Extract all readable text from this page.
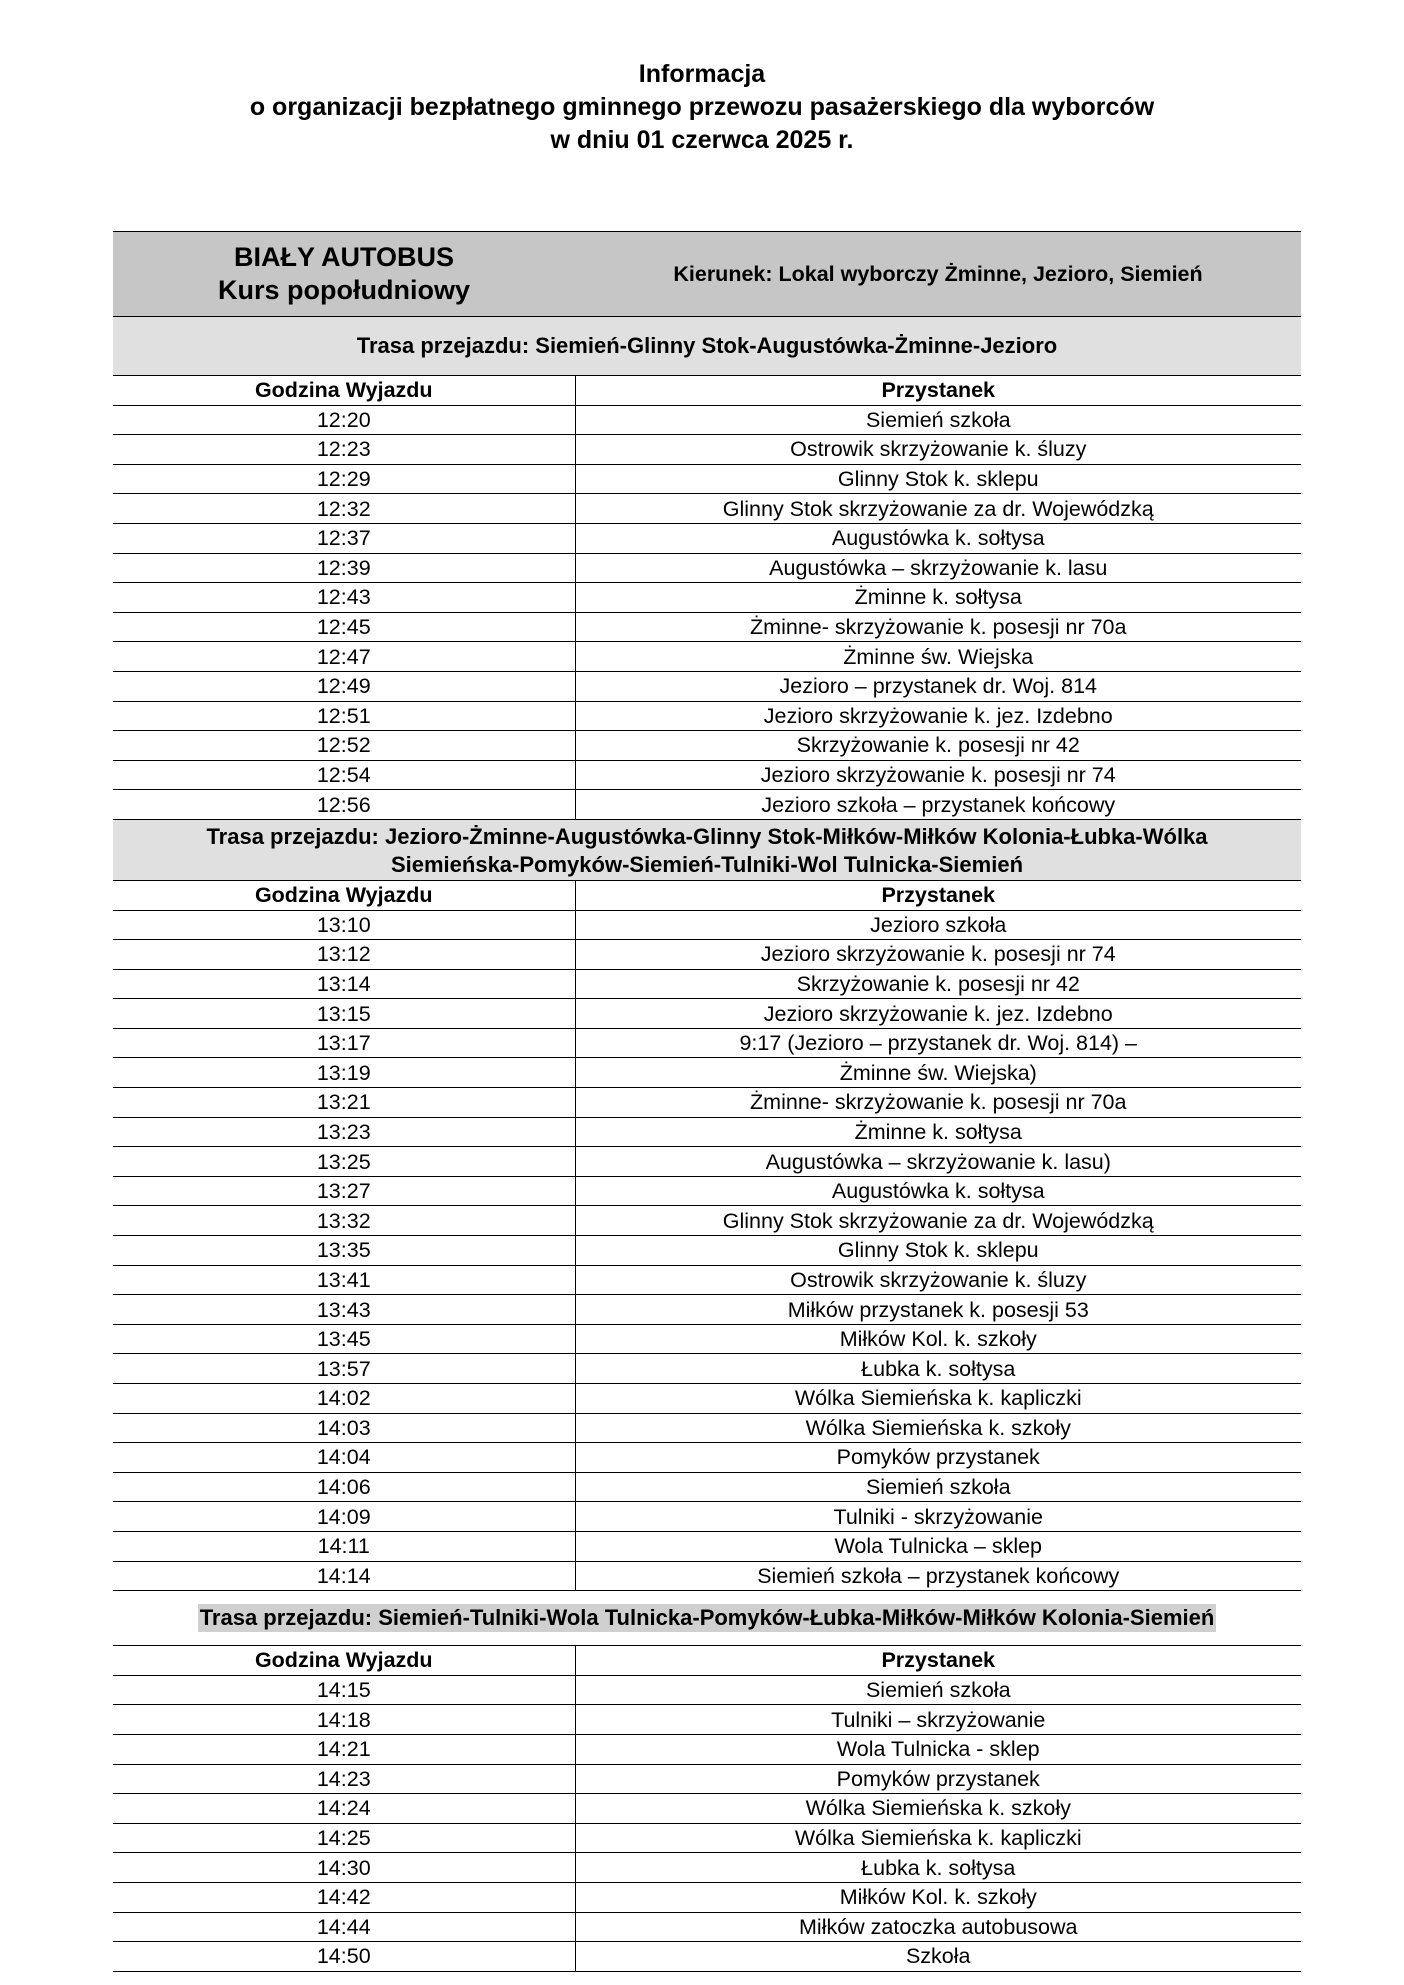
Informacja
o organizacji bezpłatnego gminnego przewozu pasażerskiego dla wyborców
w dniu 01 czerwca 2025 r.
BIAŁY AUTOBUS
Kurs popołudniowy
Kierunek: Lokal wyborczy Żminne, Jezioro, Siemień
Trasa przejazdu: Siemień-Glinny Stok-Augustówka-Żminne-Jezioro
Godzina Wyjazdu	Przystanek
12:20	Siemień szkoła
12:23	Ostrowik skrzyżowanie k. śluzy
12:29	Glinny Stok k. sklepu
12:32	Glinny Stok skrzyżowanie za dr. Wojewódzką
12:37	Augustówka k. sołtysa
12:39	Augustówka – skrzyżowanie k. lasu
12:43	Żminne k. sołtysa
12:45	Żminne- skrzyżowanie k. posesji nr 70a
12:47	Żminne św. Wiejska
12:49	Jezioro – przystanek dr. Woj. 814
12:51	Jezioro skrzyżowanie k. jez. Izdebno
12:52	Skrzyżowanie k. posesji nr 42
12:54	Jezioro skrzyżowanie k. posesji nr 74
12:56	Jezioro szkoła – przystanek końcowy
Trasa przejazdu: Jezioro-Żminne-Augustówka-Glinny Stok-Miłków-Miłków Kolonia-Łubka-Wólka
Siemieńska-Pomyków-Siemień-Tulniki-Wol Tulnicka-Siemień
Godzina Wyjazdu	Przystanek
13:10	Jezioro szkoła
13:12	Jezioro skrzyżowanie k. posesji nr 74
13:14	Skrzyżowanie k. posesji nr 42
13:15	Jezioro skrzyżowanie k. jez. Izdebno
13:17	9:17 (Jezioro – przystanek dr. Woj. 814) –
13:19	Żminne św. Wiejska)
13:21	Żminne- skrzyżowanie k. posesji nr 70a
13:23	Żminne k. sołtysa
13:25	Augustówka – skrzyżowanie k. lasu)
13:27	Augustówka k. sołtysa
13:32	Glinny Stok skrzyżowanie za dr. Wojewódzką
13:35	Glinny Stok k. sklepu
13:41	Ostrowik skrzyżowanie k. śluzy
13:43	Miłków przystanek k. posesji 53
13:45	Miłków Kol. k. szkoły
13:57	Łubka k. sołtysa
14:02	Wólka Siemieńska k. kapliczki
14:03	Wólka Siemieńska k. szkoły
14:04	Pomyków przystanek
14:06	Siemień szkoła
14:09	Tulniki - skrzyżowanie
14:11	Wola Tulnicka – sklep
14:14	Siemień szkoła – przystanek końcowy
Trasa przejazdu: Siemień-Tulniki-Wola Tulnicka-Pomyków-Łubka-Miłków-Miłków Kolonia-Siemień
Godzina Wyjazdu	Przystanek
14:15	Siemień szkoła
14:18	Tulniki – skrzyżowanie
14:21	Wola Tulnicka - sklep
14:23	Pomyków przystanek
14:24	Wólka Siemieńska k. szkoły
14:25	Wólka Siemieńska k. kapliczki
14:30	Łubka k. sołtysa
14:42	Miłków Kol. k. szkoły
14:44	Miłków zatoczka autobusowa
14:50	Szkoła
